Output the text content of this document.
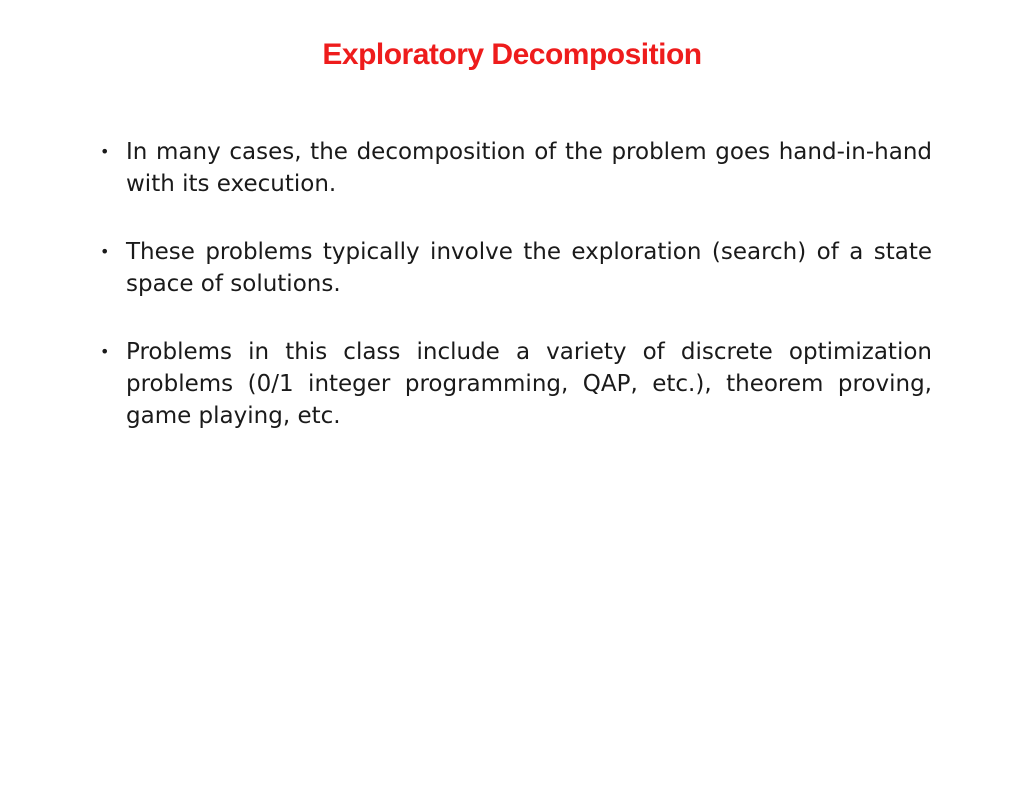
Exploratory Decomposition
• In many cases, the decomposition of the problem goes hand-in-hand with its execution.
• These problems typically involve the exploration (search) of a state space of solutions.
• Problems in this class include a variety of discrete optimization problems (0/1 integer programming, QAP, etc.), theorem proving, game playing, etc.
